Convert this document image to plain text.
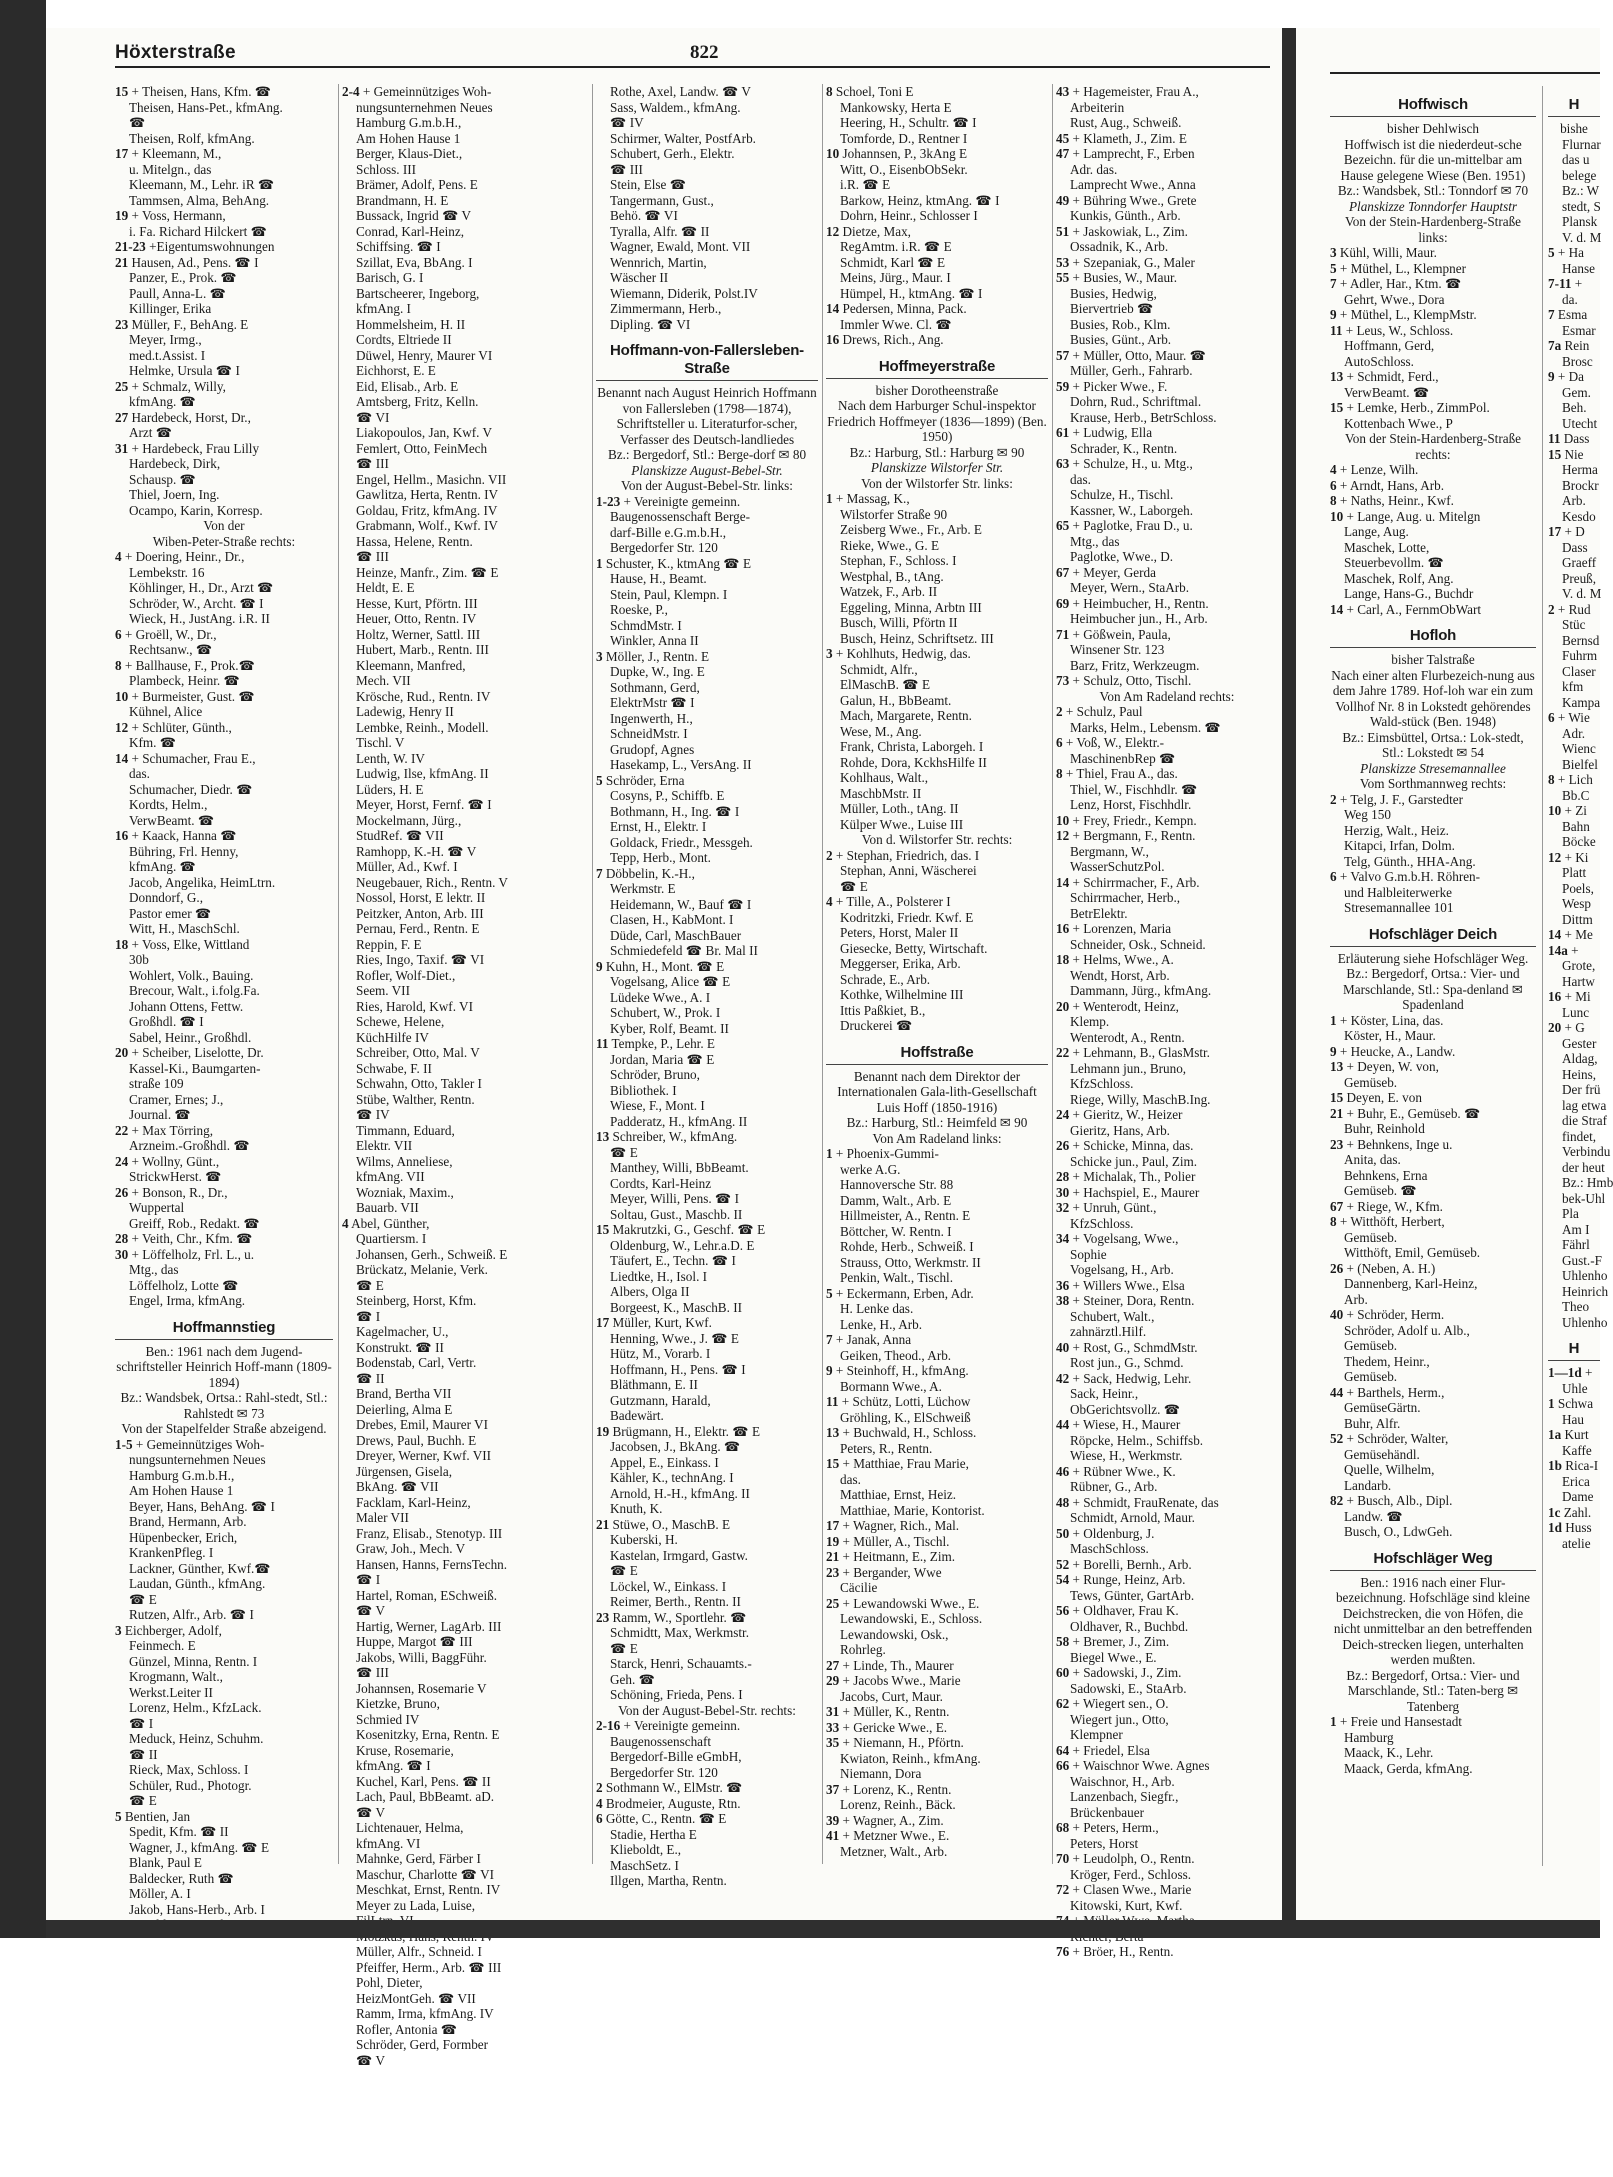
Höxterstraße	822
15 + Theisen, Hans, Kfm. ☎
Theisen, Hans-Pet., kfmAng.
☎
Theisen, Rolf, kfmAng.
17 + Kleemann, M.,
u. Mitelgn., das
Kleemann, M., Lehr. iR ☎
Tammsen, Alma, BehAng.
19 + Voss, Hermann,
i. Fa. Richard Hilckert ☎
21-23 +Eigentumswohnungen
21 Hausen, Ad., Pens. ☎ I
Panzer, E., Prok. ☎
Paull, Anna-L. ☎
Killinger, Erika
23 Müller, F., BehAng. E
Meyer, Irmg.,
med.t.Assist. I
Helmke, Ursula ☎ I
25 + Schmalz, Willy,
kfmAng. ☎
27 Hardebeck, Horst, Dr.,
Arzt ☎
31 + Hardebeck, Frau Lilly
Hardebeck, Dirk,
Schausp. ☎
Thiel, Joern, Ing.
Ocampo, Karin, Korresp.
Von der
Wiben-Peter-Straße rechts:
4 + Doering, Heinr., Dr.,
Lembekstr. 16
Köhlinger, H., Dr., Arzt ☎
Schröder, W., Archt. ☎ I
Wieck, H., JustAng. i.R. II
6 + Groëll, W., Dr.,
Rechtsanw., ☎
8 + Ballhause, F., Prok.☎
Plambeck, Heinr. ☎
10 + Burmeister, Gust. ☎
Kühnel, Alice
12 + Schlüter, Günth.,
Kfm. ☎
14 + Schumacher, Frau E.,
das.
Schumacher, Diedr. ☎
Kordts, Helm.,
VerwBeamt. ☎
16 + Kaack, Hanna ☎
Bühring, Frl. Henny,
kfmAng. ☎
Jacob, Angelika, HeimLtrn.
Donndorf, G.,
Pastor emer ☎
Witt, H., MaschSchl.
18 + Voss, Elke, Wittland
30b
Wohlert, Volk., Bauing.
Brecour, Walt., i.folg.Fa.
Johann Ottens, Fettw.
Großhdl. ☎ I
Sabel, Heinr., Großhdl.
20 + Scheiber, Liselotte, Dr.
Kassel-Ki., Baumgarten-
straße 109
Cramer, Ernes; J.,
Journal. ☎
22 + Max Törring,
Arzneim.-Großhdl. ☎
24 + Wollny, Günt.,
StrickwHerst. ☎
26 + Bonson, R., Dr.,
Wuppertal
Greiff, Rob., Redakt. ☎
28 + Veith, Chr., Kfm. ☎
30 + Löffelholz, Frl. L., u.
Mtg., das
Löffelholz, Lotte ☎
Engel, Irma, kfmAng.
Hoffmannstieg
Ben.: 1961 nach dem Jugend-schriftsteller Heinrich Hoff-mann (1809-1894)
Bz.: Wandsbek, Ortsa.: Rahl-stedt, Stl.: Rahlstedt ✉ 73
Von der Stapelfelder Straße abzeigend.
1-5 + Gemeinnütziges Woh-
nungsunternehmen Neues
Hamburg G.m.b.H.,
Am Hohen Hause 1
Beyer, Hans, BehAng. ☎ I
Brand, Hermann, Arb.
Hüpenbecker, Erich,
KrankenPfleg. I
Lackner, Günther, Kwf.☎
Laudan, Günth., kfmAng.
☎ E
Rutzen, Alfr., Arb. ☎ I
3 Eichberger, Adolf,
Feinmech. E
Günzel, Minna, Rentn. I
Krogmann, Walt.,
Werkst.Leiter II
Lorenz, Helm., KfzLack.
☎ I
Meduck, Heinz, Schuhm.
☎ II
Rieck, Max, Schloss. I
Schüler, Rud., Photogr.
☎ E
5 Bentien, Jan
Spedit, Kfm. ☎ II
Wagner, J., kfmAng. ☎ E
Blank, Paul E
Baldecker, Ruth ☎
Möller, A. I
Jakob, Hans-Herb., Arb. I
2-4 + Gemeinnütziges Woh-
nungsunternehmen Neues
Hamburg G.m.b.H.,
Am Hohen Hause 1
Berger, Klaus-Diet.,
Schloss. III
Brämer, Adolf, Pens. E
Brandmann, H. E
Bussack, Ingrid ☎ V
Conrad, Karl-Heinz,
Schiffsing. ☎ I
Szillat, Eva, BbAng. I
Barisch, G. I
Bartscheerer, Ingeborg,
kfmAng. I
Hommelsheim, H. II
Cordts, Eltriede II
Düwel, Henry, Maurer VI
Eichhorst, E. E
Eid, Elisab., Arb. E
Amtsberg, Fritz, Kelln.
☎ VI
Liakopoulos, Jan, Kwf. V
Femlert, Otto, FeinMech
☎ III
Engel, Hellm., Masichn. VII
Gawlitza, Herta, Rentn. IV
Goldau, Fritz, kfmAng. IV
Grabmann, Wolf., Kwf. IV
Hassa, Helene, Rentn.
☎ III
Heinze, Manfr., Zim. ☎ E
Heldt, E. E
Hesse, Kurt, Pförtn. III
Heuer, Otto, Rentn. IV
Holtz, Werner, Sattl. III
Hubert, Marb., Rentn. III
Kleemann, Manfred,
Mech. VII
Krösche, Rud., Rentn. IV
Ladewig, Henry II
Lembke, Reinh., Modell.
Tischl. V
Lenth, W. IV
Ludwig, Ilse, kfmAng. II
Lüders, H. E
Meyer, Horst, Fernf. ☎ I
Mockelmann, Jürg.,
StudRef. ☎ VII
Ramhopp, K.-H. ☎ V
Müller, Ad., Kwf. I
Neugebauer, Rich., Rentn. V
Nossol, Horst, E lektr. II
Peitzker, Anton, Arb. III
Pernau, Ferd., Rentn. E
Reppin, F. E
Ries, Ingo, Taxif. ☎ VI
Rofler, Wolf-Diet.,
Seem. VII
Ries, Harold, Kwf. VI
Schewe, Helene,
KüchHilfe IV
Schreiber, Otto, Mal. V
Schwabe, F. II
Schwahn, Otto, Takler I
Stübe, Walther, Rentn.
☎ IV
Timmann, Eduard,
Elektr. VII
Wilms, Anneliese,
kfmAng. VII
Wozniak, Maxim.,
Bauarb. VII
4 Abel, Günther,
Quartiersm. I
Johansen, Gerh., Schweiß. E
Brückatz, Melanie, Verk.
☎ E
Steinberg, Horst, Kfm.
☎ I
Kagelmacher, U.,
Konstrukt. ☎ II
Bodenstab, Carl, Vertr.
☎ II
Brand, Bertha VII
Deierling, Alma E
Drebes, Emil, Maurer VI
Drews, Paul, Buchh. E
Dreyer, Werner, Kwf. VII
Jürgensen, Gisela,
BkAng. ☎ VII
Facklam, Karl-Heinz,
Maler VII
Franz, Elisab., Stenotyp. III
Graw, Joh., Mech. V
Hansen, Hanns, FernsTechn.
☎ I
Hartel, Roman, ESchweiß.
☎ V
Hartig, Werner, LagArb. III
Huppe, Margot ☎ III
Jakobs, Willi, BaggFühr.
☎ III
Johannsen, Rosemarie V
Kietzke, Bruno,
Schmied IV
Kosenitzky, Erna, Rentn. E
Kruse, Rosemarie,
kfmAng. ☎ I
Kuchel, Karl, Pens. ☎ II
Lach, Paul, BbBeamt. aD.
☎ V
Lichtenauer, Helma,
kfmAng. VI
Mahnke, Gerd, Färber I
Maschur, Charlotte ☎ VI
Meschkat, Ernst, Rentn. IV
Meyer zu Lada, Luise,
Müller, Alfr., Schneid. I
Pfeiffer, Herm., Arb. ☎ III
Pohl, Dieter,
HeizMontGeh. ☎ VII
Ramm, Irma, kfmAng. IV
Rofler, Antonia ☎
Schröder, Gerd, Formber
☎ V
Rothe, Axel, Landw. ☎ V
Sass, Waldem., kfmAng.
☎ IV
Schirmer, Walter, PostfArb.
Schubert, Gerh., Elektr.
☎ III
Stein, Else ☎
Tangermann, Gust.,
Behö. ☎ VI
Tyralla, Alfr. ☎ II
Wagner, Ewald, Mont. VII
Wennrich, Martin,
Wäscher II
Wiemann, Diderik, Polst.IV
Zimmermann, Herb.,
Dipling. ☎ VI
Hoffmann-von-Fallersleben-Straße
Benannt nach August Heinrich Hoffmann von Fallersleben (1798—1874), Schriftsteller u. Literaturfor-scher, Verfasser des Deutsch-landliedes
Bz.: Bergedorf, Stl.: Berge-dorf ✉ 80
Planskizze August-Bebel-Str.
Von der August-Bebel-Str. links:
1-23 + Vereinigte gemeinn.
Baugenossenschaft Berge-
darf-Bille e.G.m.b.H.,
Bergedorfer Str. 120
1 Schuster, K., ktmAng ☎ E
Hause, H., Beamt.
Stein, Paul, Klempn. I
Roeske, P.,
SchmdMstr. I
Winkler, Anna II
3 Möller, J., Rentn. E
Dupke, W., Ing. E
Sothmann, Gerd,
ElektrMstr ☎ I
Ingenwerth, H.,
SchneidMstr. I
Grudopf, Agnes
Hasekamp, L., VersAng. II
5 Schröder, Erna
Cosyns, P., Schiffb. E
Bothmann, H., Ing. ☎ I
Ernst, H., Elektr. I
Goldack, Friedr., Messgeh.
Tepp, Herb., Mont.
7 Döbbelin, K.-H.,
Werkmstr. E
Heidemann, W., Bauf ☎ I
Clasen, H., KabMont. I
Düde, Carl, MaschBauer
Schmiedefeld ☎ Br. Mal II
9 Kuhn, H., Mont. ☎ E
Vogelsang, Alice ☎ E
Lüdeke Wwe., A. I
Schubert, W., Prok. I
Kyber, Rolf, Beamt. II
11 Tempke, P., Lehr. E
Jordan, Maria ☎ E
Schröder, Bruno,
Bibliothek. I
Wiese, F., Mont. I
Padderatz, H., kfmAng. II
13 Schreiber, W., kfmAng.
☎ E
Manthey, Willi, BbBeamt.
Cordts, Karl-Heinz
Meyer, Willi, Pens. ☎ I
Soltau, Gust., Maschb. II
15 Makrutzki, G., Geschf. ☎ E
Oldenburg, W., Lehr.a.D. E
Täufert, E., Techn. ☎ I
Liedtke, H., Isol. I
Albers, Olga II
Borgeest, K., MaschB. II
17 Müller, Kurt, Kwf.
Henning, Wwe., J. ☎ E
Hütz, M., Vorarb. I
Hoffmann, H., Pens. ☎ I
Bläthmann, E. II
Gutzmann, Harald,
Badewärt.
19 Brügmann, H., Elektr. ☎ E
Jacobsen, J., BkAng. ☎
Appel, E., Einkass. I
Kähler, K., technAng. I
Arnold, H.-H., kfmAng. II
Knuth, K.
21 Stüwe, O., MaschB. E
Kuberski, H.
Kastelan, Irmgard, Gastw.
☎ E
Löckel, W., Einkass. I
Reimer, Berth., Rentn. II
23 Ramm, W., Sportlehr. ☎
Schmidtt, Max, Werkmstr.
☎ E
Starck, Henri, Schauamts.-
Geh. ☎
Schöning, Frieda, Pens. I
Von der August-Bebel-Str. rechts:
2-16 + Vereinigte gemeinn.
Baugenossenschaft
Bergedorf-Bille eGmbH,
Bergedorfer Str. 120
2 Sothmann W., ElMstr. ☎
4 Brodmeier, Auguste, Rtn.
6 Götte, C., Rentn. ☎ E
Stadie, Hertha E
Klieboldt, E.,
MaschSetz. I
Illgen, Martha, Rentn.
8 Schoel, Toni E
Mankowsky, Herta E
Heering, H., Schultr. ☎ I
Tomforde, D., Rentner I
10 Johannsen, P., 3kAng E
Witt, O., EisenbObSekr.
i.R. ☎ E
Barkow, Heinz, ktmAng. ☎ I
Dohrn, Heinr., Schlosser I
12 Dietze, Max,
RegAmtm. i.R. ☎ E
Schmidt, Karl ☎ E
Meins, Jürg., Maur. I
Hümpel, H., ktmAng. ☎ I
14 Pedersen, Minna, Pack.
Immler Wwe. Cl. ☎
16 Drews, Rich., Ang.
Hoffmeyerstraße
bisher Dorotheenstraße
Nach dem Harburger Schul-inspektor Friedrich Hoffmeyer (1836—1899) (Ben. 1950)
Bz.: Harburg, Stl.: Harburg ✉ 90
Planskizze Wilstorfer Str.
Von der Wilstorfer Str. links:
1 + Massag, K.,
Wilstorfer Straße 90
Zeisberg Wwe., Fr., Arb. E
Rieke, Wwe., G. E
Stephan, F., Schloss. I
Westphal, B., tAng.
Watzek, F., Arb. II
Eggeling, Minna, Arbtn III
Busch, Willi, Pförtn II
Busch, Heinz, Schriftsetz. III
3 + Kohlhuts, Hedwig, das.
Schmidt, Alfr.,
ElMaschB. ☎ E
Galun, H., BbBeamt.
Mach, Margarete, Rentn.
Wese, M., Ang.
Frank, Christa, Laborgeh. I
Rohde, Dora, KckhsHilfe II
Kohlhaus, Walt.,
MaschbMstr. II
Müller, Loth., tAng. II
Külper Wwe., Luise III
Von d. Wilstorfer Str. rechts:
2 + Stephan, Friedrich, das. I
Stephan, Anni, Wäscherei
☎ E
4 + Tille, A., Polsterer I
Kodritzki, Friedr. Kwf. E
Peters, Horst, Maler II
Giesecke, Betty, Wirtschaft.
Meggerser, Erika, Arb.
Schrade, E., Arb.
Kothke, Wilhelmine III
Ittis Paßkiet, B.,
Druckerei ☎
Hoffstraße
Benannt nach dem Direktor der Internationalen Gala-lith-Gesellschaft Luis Hoff (1850-1916)
Bz.: Harburg, Stl.: Heimfeld ✉ 90
Von Am Radeland links:
1 + Phoenix-Gummi-
werke A.G.
Hannoversche Str. 88
Damm, Walt., Arb. E
Hillmeister, A., Rentn. E
Böttcher, W. Rentn. I
Rohde, Herb., Schweiß. I
Strauss, Otto, Werkmstr. II
Penkin, Walt., Tischl.
5 + Eckermann, Erben, Adr.
H. Lenke das.
Lenke, H., Arb.
7 + Janak, Anna
Geiken, Theod., Arb.
9 + Steinhoff, H., kfmAng.
Bormann Wwe., A.
11 + Schütz, Lotti, Lüchow
Gröhling, K., ElSchweiß
13 + Buchwald, H., Schloss.
Peters, R., Rentn.
15 + Matthiae, Frau Marie,
das.
Matthiae, Ernst, Heiz.
Matthiae, Marie, Kontorist.
17 + Wagner, Rich., Mal.
19 + Müller, A., Tischl.
21 + Heitmann, E., Zim.
23 + Bergander, Wwe
Cäcilie
25 + Lewandowski Wwe., E.
Lewandowski, E., Schloss.
Lewandowski, Osk.,
Rohrleg.
27 + Linde, Th., Maurer
29 + Jacobs Wwe., Marie
Jacobs, Curt, Maur.
31 + Müller, K., Rentn.
33 + Gericke Wwe., E.
35 + Niemann, H., Pförtn.
Kwiaton, Reinh., kfmAng.
Niemann, Dora
37 + Lorenz, K., Rentn.
Lorenz, Reinh., Bäck.
39 + Wagner, A., Zim.
41 + Metzner Wwe., E.
Metzner, Walt., Arb.
43 + Hagemeister, Frau A.,
Arbeiterin
Rust, Aug., Schweiß.
45 + Klameth, J., Zim. E
47 + Lamprecht, F., Erben
Adr. das.
Lamprecht Wwe., Anna
49 + Bühring Wwe., Grete
Kunkis, Günth., Arb.
51 + Jaskowiak, L., Zim.
Ossadnik, K., Arb.
53 + Szepaniak, G., Maler
55 + Busies, W., Maur.
Busies, Hedwig,
Biervertrieb ☎
Busies, Rob., Klm.
Busies, Günt., Arb.
57 + Müller, Otto, Maur. ☎
Müller, Gerh., Fahrarb.
59 + Picker Wwe., F.
Dohrn, Rud., Schriftmal.
Krause, Herb., BetrSchloss.
61 + Ludwig, Ella
Schrader, K., Rentn.
63 + Schulze, H., u. Mtg.,
das.
Schulze, H., Tischl.
Kassner, W., Laborgeh.
65 + Paglotke, Frau D., u.
Mtg., das
Paglotke, Wwe., D.
67 + Meyer, Gerda
Meyer, Wern., StaArb.
69 + Heimbucher, H., Rentn.
Heimbucher jun., H., Arb.
71 + Gößwein, Paula,
Winsener Str. 123
Barz, Fritz, Werkzeugm.
73 + Schulz, Otto, Tischl.
Von Am Radeland rechts:
2 + Schulz, Paul
Marks, Helm., Lebensm. ☎
6 + Voß, W., Elektr.-
MaschinenbRep ☎
8 + Thiel, Frau A., das.
Thiel, W., Fischhdlr. ☎
Lenz, Horst, Fischhdlr.
10 + Frey, Friedr., Kempn.
12 + Bergmann, F., Rentn.
Bergmann, W.,
WasserSchutzPol.
14 + Schirrmacher, F., Arb.
Schirrmacher, Herb.,
BetrElektr.
16 + Lorenzen, Maria
Schneider, Osk., Schneid.
18 + Helms, Wwe., A.
Wendt, Horst, Arb.
Dammann, Jürg., kfmAng.
20 + Wenterodt, Heinz,
Klemp.
Wenterodt, A., Rentn.
22 + Lehmann, B., GlasMstr.
Lehmann jun., Bruno,
KfzSchloss.
Riege, Willy, MaschB.Ing.
24 + Gieritz, W., Heizer
Gieritz, Hans, Arb.
26 + Schicke, Minna, das.
Schicke jun., Paul, Zim.
28 + Michalak, Th., Polier
30 + Hachspiel, E., Maurer
32 + Unruh, Günt.,
KfzSchloss.
34 + Vogelsang, Wwe.,
Sophie
Vogelsang, H., Arb.
36 + Willers Wwe., Elsa
38 + Steiner, Dora, Rentn.
Schubert, Walt.,
zahnärztl.Hilf.
40 + Rost, G., SchmdMstr.
Rost jun., G., Schmd.
42 + Sack, Hedwig, Lehr.
Sack, Heinr.,
ObGerichtsvollz. ☎
44 + Wiese, H., Maurer
Röpcke, Helm., Schiffsb.
Wiese, H., Werkmstr.
46 + Rübner Wwe., K.
Rübner, G., Arb.
48 + Schmidt, FrauRenate, das
Schmidt, Arnold, Maur.
50 + Oldenburg, J.
MaschSchloss.
52 + Borelli, Bernh., Arb.
54 + Runge, Heinz, Arb.
Tews, Günter, GartArb.
56 + Oldhaver, Frau K.
Oldhaver, R., Buchbd.
58 + Bremer, J., Zim.
Biegel Wwe., E.
60 + Sadowski, J., Zim.
Sadowski, E., StaArb.
62 + Wiegert sen., O.
Wiegert jun., Otto,
Klempner
64 + Friedel, Elsa
66 + Waischnor Wwe. Agnes
Waischnor, H., Arb.
Lanzenbach, Siegfr.,
Brückenbauer
68 + Peters, Herm.,
Peters, Horst
70 + Leudolph, O., Rentn.
Kröger, Ferd., Schloss.
72 + Clasen Wwe., Marie
Kitowski, Kurt, Kwf.
76 + Bröer, H., Rentn.
Hoffwisch
bisher Dehlwisch
Hoffwisch ist die niederdeut-sche Bezeichn. für die un-mittelbar am Hause gelegene Wiese (Ben. 1951)
Bz.: Wandsbek, Stl.: Tonndorf ✉ 70
Planskizze Tonndorfer Hauptstr
Von der Stein-Hardenberg-Straße links:
3 Kühl, Willi, Maur.
5 + Müthel, L., Klempner
7 + Adler, Har., Ktm. ☎
Gehrt, Wwe., Dora
9 + Müthel, L., KlempMstr.
11 + Leus, W., Schloss.
Hoffmann, Gerd,
AutoSchloss.
13 + Schmidt, Ferd.,
VerwBeamt. ☎
15 + Lemke, Herb., ZimmPol.
Kottenbach Wwe., P
Von der Stein-Hardenberg-Straße rechts:
4 + Lenze, Wilh.
6 + Arndt, Hans, Arb.
8 + Naths, Heinr., Kwf.
10 + Lange, Aug. u. Mitelgn
Lange, Aug.
Maschek, Lotte,
Steuerbevollm. ☎
Maschek, Rolf, Ang.
Lange, Hans-G., Buchdr
14 + Carl, A., FernmObWart
Hofloh
bisher Talstraße
Nach einer alten Flurbezeich-nung aus dem Jahre 1789. Hof-loh war ein zum Vollhof Nr. 8 in Lokstedt gehörendes Wald-stück (Ben. 1948)
Bz.: Eimsbüttel, Ortsa.: Lok-stedt, Stl.: Lokstedt ✉ 54
Planskizze Stresemannallee
Vom Sorthmannweg rechts:
2 + Telg, J. F., Garstedter
Weg 150
Herzig, Walt., Heiz.
Kitapci, Irfan, Dolm.
Telg, Günth., HHA-Ang.
6 + Valvo G.m.b.H. Röhren-
und Halbleiterwerke
Stresemannallee 101
Hofschläger Deich
Erläuterung siehe Hofschläger Weg.
Bz.: Bergedorf, Ortsa.: Vier- und Marschlande, Stl.: Spa-denland ✉ Spadenland
1 + Köster, Lina, das.
Köster, H., Maur.
9 + Heucke, A., Landw.
13 + Deyen, W. von,
Gemüseb.
15 Deyen, E. von
21 + Buhr, E., Gemüseb. ☎
Buhr, Reinhold
23 + Behnkens, Inge u.
Anita, das.
Behnkens, Erna
Gemüseb. ☎
67 + Riege, W., Kfm.
8 + Witthöft, Herbert,
Gemüseb.
Witthöft, Emil, Gemüseb.
26 + (Neben, A. H.)
Dannenberg, Karl-Heinz,
Arb.
40 + Schröder, Herm.
Schröder, Adolf u. Alb.,
Gemüseb.
Thedem, Heinr.,
Gemüseb.
44 + Barthels, Herm.,
GemüseGärtn.
Buhr, Alfr.
52 + Schröder, Walter,
Gemüsehändl.
Quelle, Wilhelm,
Landarb.
82 + Busch, Alb., Dipl.
Landw. ☎
Busch, O., LdwGeh.
Hofschläger Weg
Ben.: 1916 nach einer Flur-bezeichnung. Hofschläge sind kleine Deichstrecken, die von Höfen, die nicht unmittelbar an den betreffenden Deich-strecken liegen, unterhalten werden mußten.
Bz.: Bergedorf, Ortsa.: Vier- und Marschlande, Stl.: Taten-berg ✉ Tatenberg
1 + Freie und Hansestadt
Hamburg
Maack, K., Lehr.
Maack, Gerda, kfmAng.
H
bishe
Flurnar
das u
belege
Bz.: W
stedt, S
Plansk
V. d. M
5 + Ha
Hanse
7-11 +
da.
7 Esma
Esmar
7a Rein
Brosc
9 + Da
Gem.
Beh.
Utecht
11 Dass
15 Nie
Herma
Brockr
Arb.
Kesdo
17 + D
Dass
Graeff
Preuß,
V. d. M
2 + Rud
Stüc
Bernsd
Fuhrm
Claser
kfm
Kampa
6 + Wie
Adr.
Wienc
Bielfel
8 + Lich
Bb.C
10 + Zi
Bahn
Böcke
12 + Ki
Platt
Poels,
Wesp
Dittm
14 + Me
14a +
Grote,
Hartw
16 + Mi
Lunc
20 + G
Gester
Aldag,
Heins,
Der frü
lag etwa
die Straf
findet,
Verbindu
der heut
Bz.: Hmb
bek-Uhl
Pla
Am I
Fährl
Gust.-F
Uhlenho
Heinrich
Theo
Uhlenho
H
1—1d +
Uhle
1 Schwa
Hau
1a Kurt
Kaffe
1b Rica-I
Erica
Dame
1c Zahl.
1d Huss
atelie
